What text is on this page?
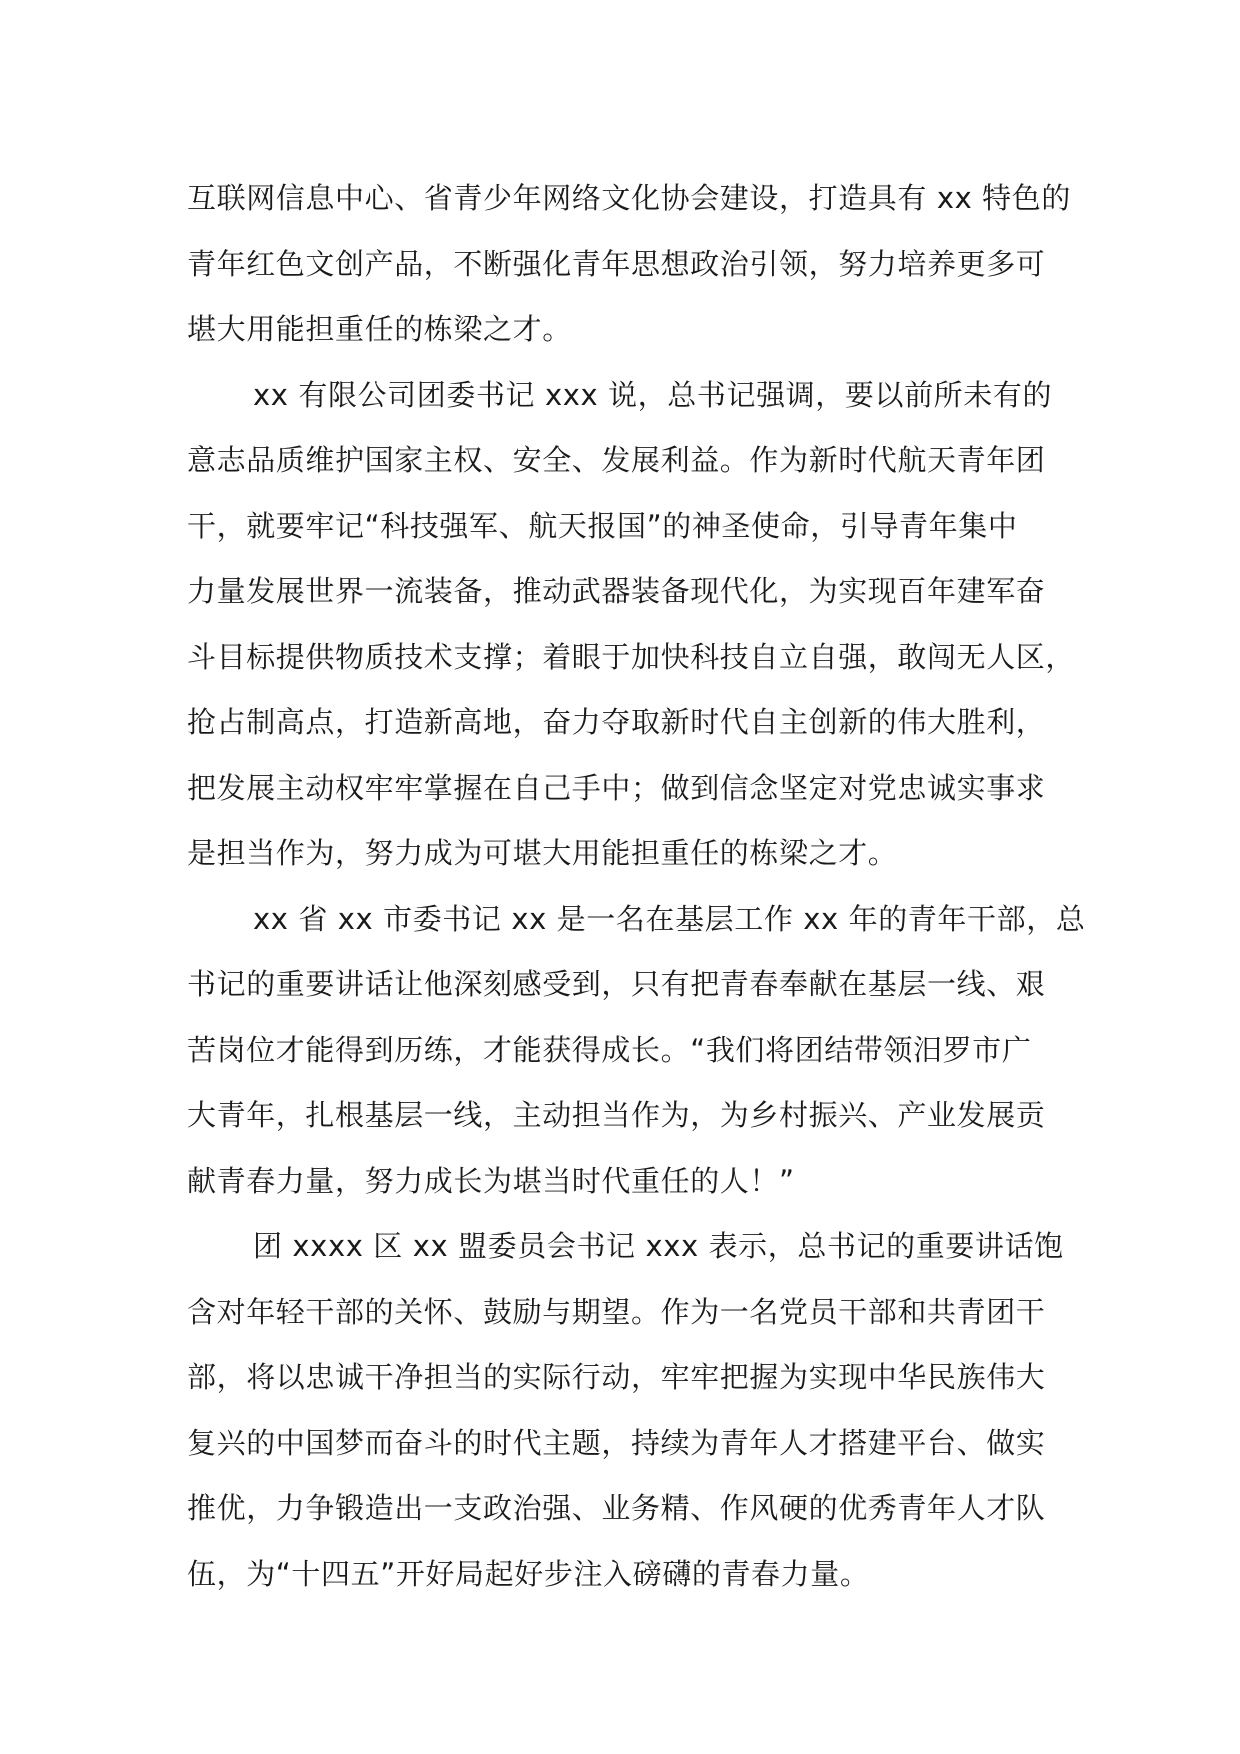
互联网信息中心、省青少年网络文化协会建设，打造具有 xx 特色的
青年红色文创产品，不断强化青年思想政治引领，努力培养更多可
堪大用能担重任的栋梁之才。

xx 有限公司团委书记 xxx 说，总书记强调，要以前所未有的
意志品质维护国家主权、安全、发展利益。作为新时代航天青年团
干，就要牢记“科技强军、航天报国”的神圣使命，引导青年集中
力量发展世界一流装备，推动武器装备现代化，为实现百年建军奋
斗目标提供物质技术支撑；着眼于加快科技自立自强，敢闯无人区，
抢占制高点，打造新高地，奋力夺取新时代自主创新的伟大胜利，
把发展主动权牢牢掌握在自己手中；做到信念坚定对党忠诚实事求
是担当作为，努力成为可堪大用能担重任的栋梁之才。

xx 省 xx 市委书记 xx 是一名在基层工作 xx 年的青年干部，总
书记的重要讲话让他深刻感受到，只有把青春奉献在基层一线、艰
苦岗位才能得到历练，才能获得成长。“我们将团结带领汨罗市广
大青年，扎根基层一线，主动担当作为，为乡村振兴、产业发展贡
献青春力量，努力成长为堪当时代重任的人！”

团 xxxx 区 xx 盟委员会书记 xxx 表示，总书记的重要讲话饱
含对年轻干部的关怀、鼓励与期望。作为一名党员干部和共青团干
部，将以忠诚干净担当的实际行动，牢牢把握为实现中华民族伟大
复兴的中国梦而奋斗的时代主题，持续为青年人才搭建平台、做实
推优，力争锻造出一支政治强、业务精、作风硬的优秀青年人才队
伍，为“十四五”开好局起好步注入磅礴的青春力量。
